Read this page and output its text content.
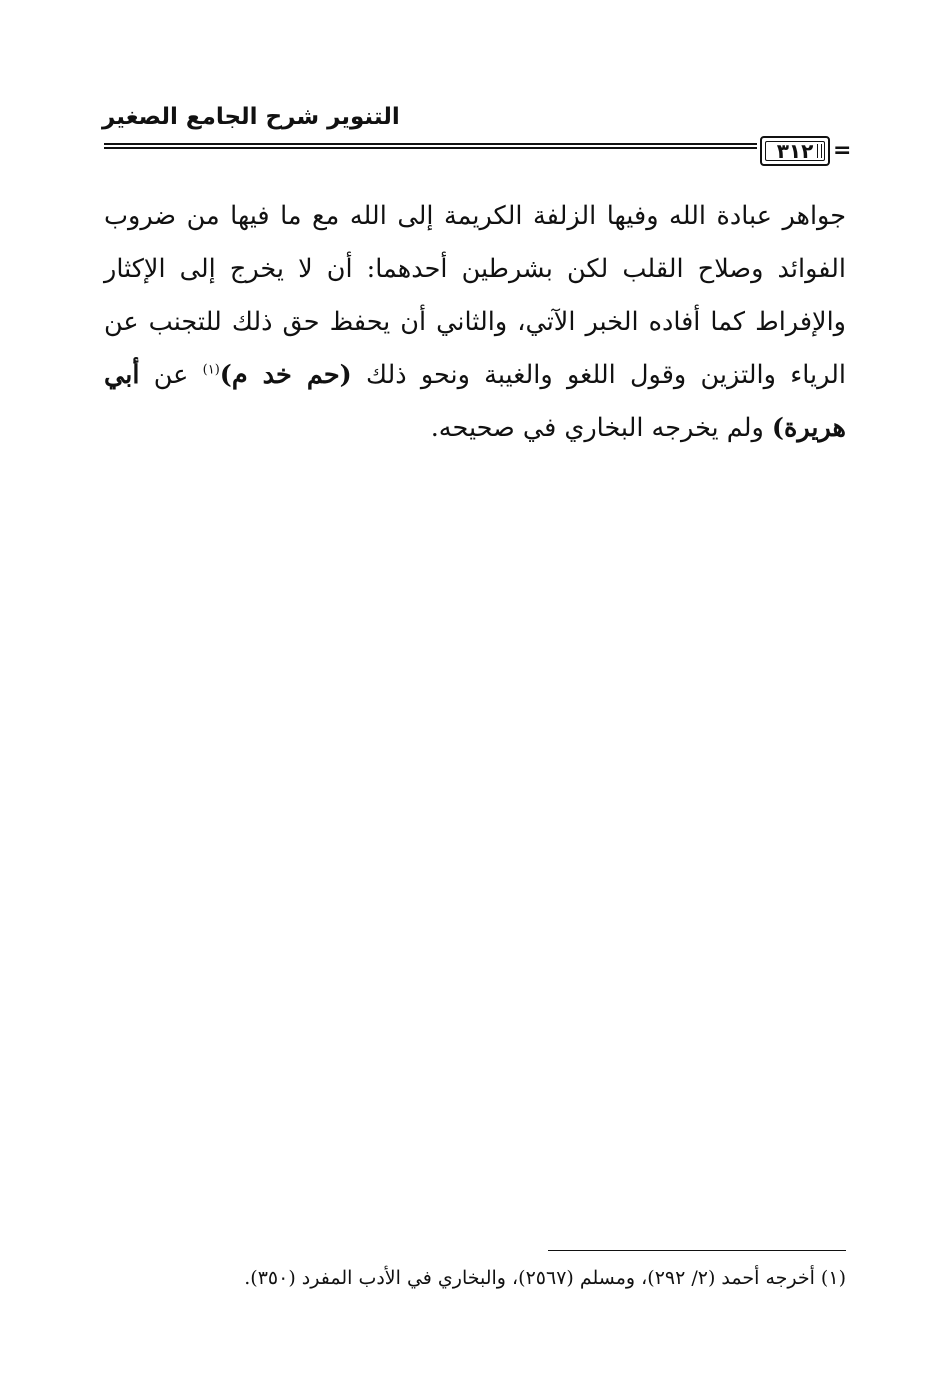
التنوير شرح الجامع الصغير
٣١٢ =
جواهر عبادة الله وفيها الزلفة الكريمة إلى الله مع ما فيها من ضروب الفوائد وصلاح القلب لكن بشرطين أحدهما: أن لا يخرج إلى الإكثار والإفراط كما أفاده الخبر الآتي، والثاني أن يحفظ حق ذلك للتجنب عن الرياء والتزين وقول اللغو والغيبة ونحو ذلك (حم خد م)$^{(١)}$ عن أبي هريرة) ولم يخرجه البخاري في صحيحه.
(١) أخرجه أحمد (٢/ ٢٩٢)، ومسلم (٢٥٦٧)، والبخاري في الأدب المفرد (٣٥٠).
